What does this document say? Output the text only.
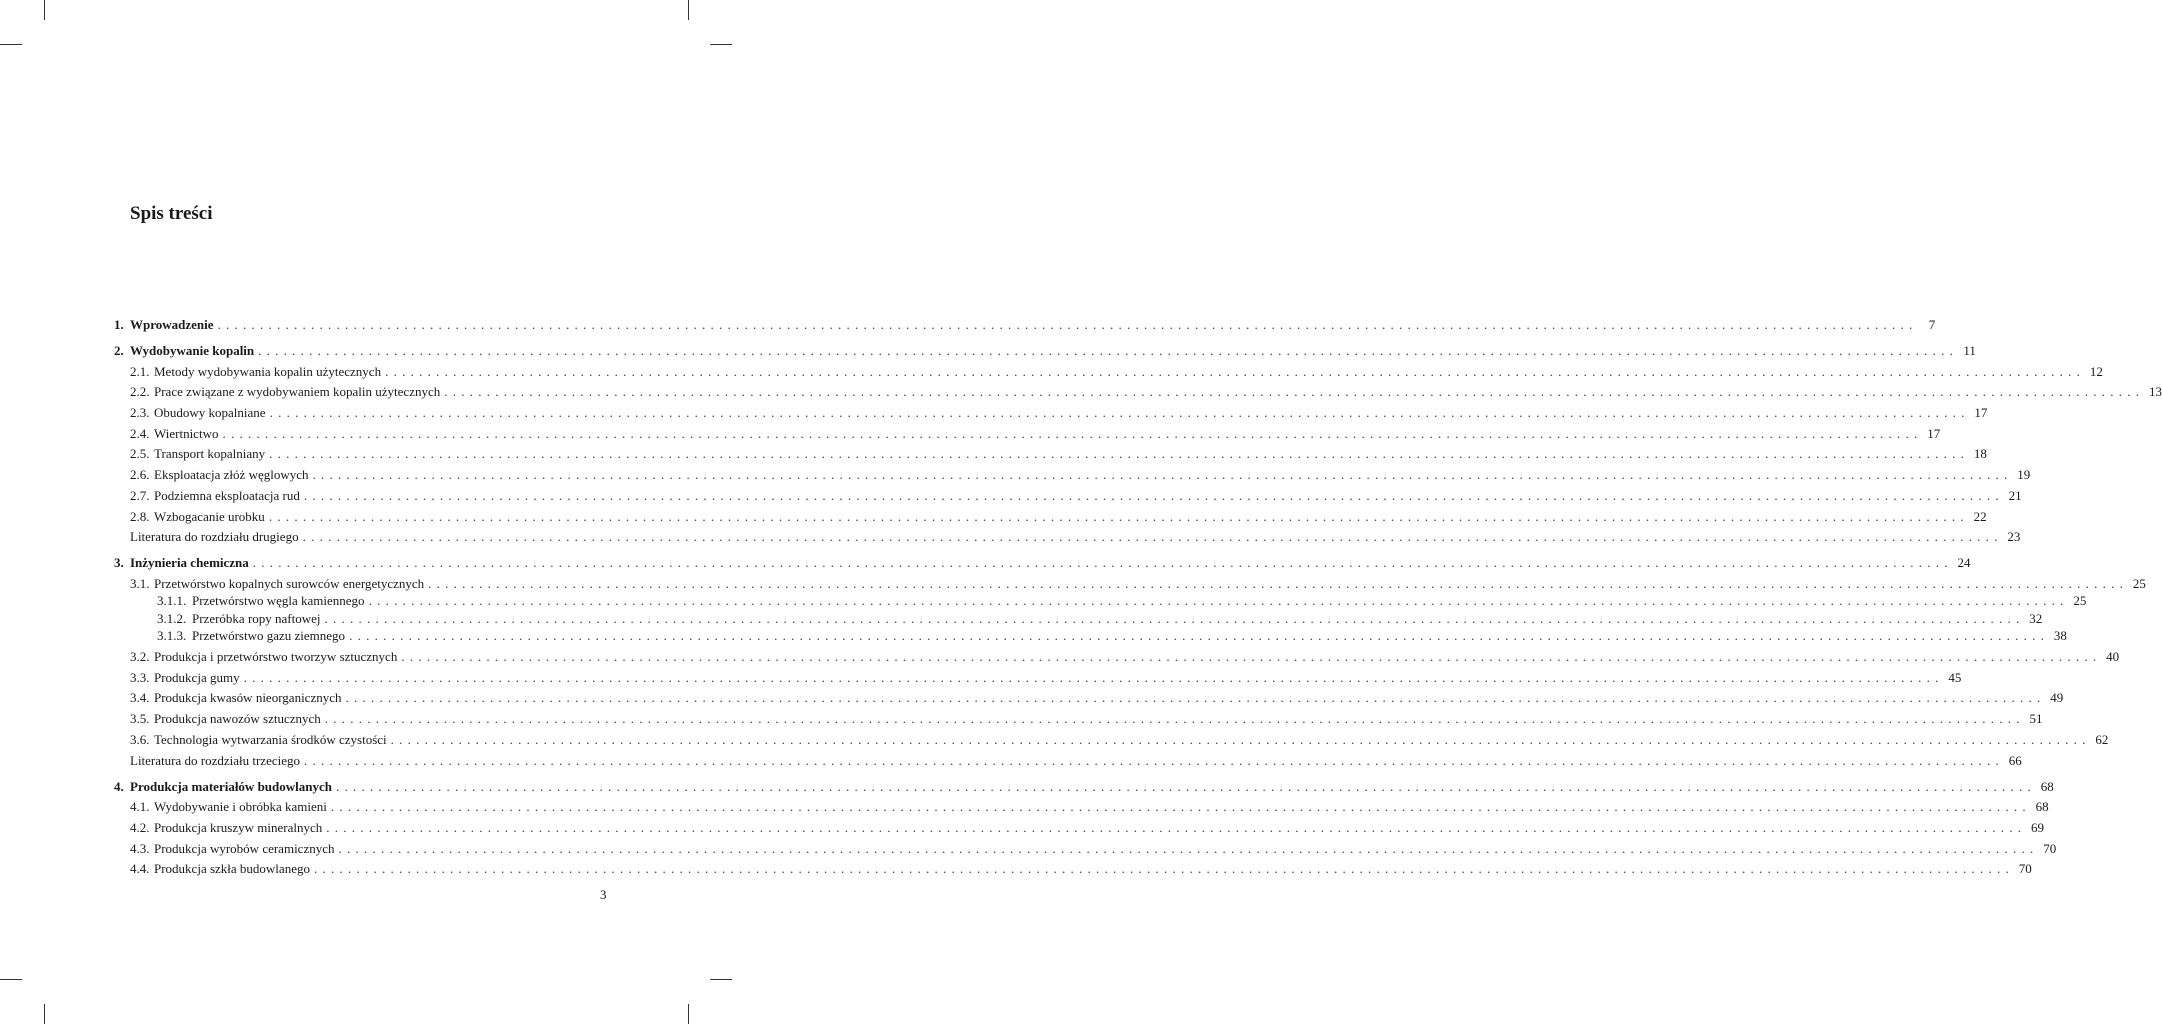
Spis treści
1. Wprowadzenie . . . . . . . . . . . . . . . . . . . . . . . . . . . . . . . . . . . . . . . . . . . . . . . . . . . . . . . . . . . . . . . . . . . . . . . . . . . . . . . . . . . . . . . . . . . . . . . . . . . . . . . . . . . . . . . . . . . . . . . . . . . . . . . . . . . . . . . . . . . . . . . . . . . . . . . . . . . . . . . . . . . . . . . . . . . . . . . . . . . . . . . . . . . . . . . . . . . . . . . .	7
2. Wydobywanie kopalin . . . . . . . . . . . . . . . . . . . . . . . . . . . . . . . . . . . . . . . . . . . . . . . . . . . . . . . . . . . . . . . . . . . . . . . . . . . . . . . . . . . . . . . . . . . . . . . . . . . . . . . . . . . . . . . . . . . . . . . . . . . . . . . . . . . . . . . . . . . . . . . . . . . . . . . . . . . . . . . . . . . . . . . . . . . . . . . . . . . . . . . . . . . . . . . . . . . . . . . . 11
2.1. Metody wydobywania kopalin użytecznych . . . . . . . . . . . . . . . . . . . . . . . . . . . . . . . . . . . . . . . . . . . . . . . . . . . . . . . . . . . . . . . . . . . . . . . . . . . . . . . . . . . . . . . . . . . . . . . . . . . . . . . . . . . . . . . . . . . . . . . . . . . . . . . . . . . . . . . . . . . . . . . . . . . . . . . . . . . . . . . . . . . . . . . . . . . . . . . . . . . . . . . . . . . . . . . . . . . . . . . . 12
2.2. Prace związane z wydobywaniem kopalin użytecznych . . . . . . . . . . . . . . . . . . . . . . . . . . . . . . . . . . . . . . . . . . . . . . . . . . . . . . . . . . . . . . . . . . . . . . . . . . . . . . . . . . . . . . . . . . . . . . . . . . . . . . . . . . . . . . . . . . . . . . . . . . . . . . . . . . . . . . . . . . . . . . . . . . . . . . . . . . . . . . . . . . . . . . . . . . . . . . . . . . . . . . . . . . . . . . . . . . . . . . . . 13
2.3. Obudowy kopalniane . . . . . . . . . . . . . . . . . . . . . . . . . . . . . . . . . . . . . . . . . . . . . . . . . . . . . . . . . . . . . . . . . . . . . . . . . . . . . . . . . . . . . . . . . . . . . . . . . . . . . . . . . . . . . . . . . . . . . . . . . . . . . . . . . . . . . . . . . . . . . . . . . . . . . . . . . . . . . . . . . . . . . . . . . . . . . . . . . . . . . . . . . . . . . . . . . . . . . . . . 17
2.4. Wiertnictwo . . . . . . . . . . . . . . . . . . . . . . . . . . . . . . . . . . . . . . . . . . . . . . . . . . . . . . . . . . . . . . . . . . . . . . . . . . . . . . . . . . . . . . . . . . . . . . . . . . . . . . . . . . . . . . . . . . . . . . . . . . . . . . . . . . . . . . . . . . . . . . . . . . . . . . . . . . . . . . . . . . . . . . . . . . . . . . . . . . . . . . . . . . . . . . . . . . . . . . . . 17
2.5. Transport kopalniany . . . . . . . . . . . . . . . . . . . . . . . . . . . . . . . . . . . . . . . . . . . . . . . . . . . . . . . . . . . . . . . . . . . . . . . . . . . . . . . . . . . . . . . . . . . . . . . . . . . . . . . . . . . . . . . . . . . . . . . . . . . . . . . . . . . . . . . . . . . . . . . . . . . . . . . . . . . . . . . . . . . . . . . . . . . . . . . . . . . . . . . . . . . . . . . . . . . . . . . . 18
2.6. Eksploatacja złóż węglowych . . . . . . . . . . . . . . . . . . . . . . . . . . . . . . . . . . . . . . . . . . . . . . . . . . . . . . . . . . . . . . . . . . . . . . . . . . . . . . . . . . . . . . . . . . . . . . . . . . . . . . . . . . . . . . . . . . . . . . . . . . . . . . . . . . . . . . . . . . . . . . . . . . . . . . . . . . . . . . . . . . . . . . . . . . . . . . . . . . . . . . . . . . . . . . . . . . . . . . . . 19
2.7. Podziemna eksploatacja rud . . . . . . . . . . . . . . . . . . . . . . . . . . . . . . . . . . . . . . . . . . . . . . . . . . . . . . . . . . . . . . . . . . . . . . . . . . . . . . . . . . . . . . . . . . . . . . . . . . . . . . . . . . . . . . . . . . . . . . . . . . . . . . . . . . . . . . . . . . . . . . . . . . . . . . . . . . . . . . . . . . . . . . . . . . . . . . . . . . . . . . . . . . . . . . . . . . . . . . . . 21
2.8. Wzbogacanie urobku . . . . . . . . . . . . . . . . . . . . . . . . . . . . . . . . . . . . . . . . . . . . . . . . . . . . . . . . . . . . . . . . . . . . . . . . . . . . . . . . . . . . . . . . . . . . . . . . . . . . . . . . . . . . . . . . . . . . . . . . . . . . . . . . . . . . . . . . . . . . . . . . . . . . . . . . . . . . . . . . . . . . . . . . . . . . . . . . . . . . . . . . . . . . . . . . . . . . . . . . 22
Literatura do rozdziału drugiego . . . . . . . . . . . . . . . . . . . . . . . . . . . . . . . . . . . . . . . . . . . . . . . . . . . . . . . . . . . . . . . . . . . . . . . . . . . . . . . . . . . . . . . . . . . . . . . . . . . . . . . . . . . . . . . . . . . . . . . . . . . . . . . . . . . . . . . . . . . . . . . . . . . . . . . . . . . . . . . . . . . . . . . . . . . . . . . . . . . . . . . . . . . . . . . . . . . . . . . . 23
3. Inżynieria chemiczna . . . . . . . . . . . . . . . . . . . . . . . . . . . . . . . . . . . . . . . . . . . . . . . . . . . . . . . . . . . . . . . . . . . . . . . . . . . . . . . . . . . . . . . . . . . . . . . . . . . . . . . . . . . . . . . . . . . . . . . . . . . . . . . . . . . . . . . . . . . . . . . . . . . . . . . . . . . . . . . . . . . . . . . . . . . . . . . . . . . . . . . . . . . . . . . . . . . . . . . . 24
3.1. Przetwórstwo kopalnych surowców energetycznych . . . . . . . . . . . . . . . . . . . . . . . . . . . . . . . . . . . . . . . . . . . . . . . . . . . . . . . . . . . . . . . . . . . . . . . . . . . . . . . . . . . . . . . . . . . . . . . . . . . . . . . . . . . . . . . . . . . . . . . . . . . . . . . . . . . . . . . . . . . . . . . . . . . . . . . . . . . . . . . . . . . . . . . . . . . . . . . . . . . . . . . . . . . . . . . . . . . . . . . . 25
3.1.1. Przetwórstwo węgla kamiennego . . . . . . . . . . . . . . . . . . . . . . . . . . . . . . . . . . . . . . . . . . . . . . . . . . . . . . . . . . . . . . . . . . . . . . . . . . . . . . . . . . . . . . . . . . . . . . . . . . . . . . . . . . . . . . . . . . . . . . . . . . . . . . . . . . . . . . . . . . . . . . . . . . . . . . . . . . . . . . . . . . . . . . . . . . . . . . . . . . . . . . . . . . . . . . . . . . . . . . . . 25
3.1.2. Przeróbka ropy naftowej . . . . . . . . . . . . . . . . . . . . . . . . . . . . . . . . . . . . . . . . . . . . . . . . . . . . . . . . . . . . . . . . . . . . . . . . . . . . . . . . . . . . . . . . . . . . . . . . . . . . . . . . . . . . . . . . . . . . . . . . . . . . . . . . . . . . . . . . . . . . . . . . . . . . . . . . . . . . . . . . . . . . . . . . . . . . . . . . . . . . . . . . . . . . . . . . . . . . . . . . 32
3.1.3. Przetwórstwo gazu ziemnego . . . . . . . . . . . . . . . . . . . . . . . . . . . . . . . . . . . . . . . . . . . . . . . . . . . . . . . . . . . . . . . . . . . . . . . . . . . . . . . . . . . . . . . . . . . . . . . . . . . . . . . . . . . . . . . . . . . . . . . . . . . . . . . . . . . . . . . . . . . . . . . . . . . . . . . . . . . . . . . . . . . . . . . . . . . . . . . . . . . . . . . . . . . . . . . . . . . . . . . . 38
3.2. Produkcja i przetwórstwo tworzyw sztucznych . . . . . . . . . . . . . . . . . . . . . . . . . . . . . . . . . . . . . . . . . . . . . . . . . . . . . . . . . . . . . . . . . . . . . . . . . . . . . . . . . . . . . . . . . . . . . . . . . . . . . . . . . . . . . . . . . . . . . . . . . . . . . . . . . . . . . . . . . . . . . . . . . . . . . . . . . . . . . . . . . . . . . . . . . . . . . . . . . . . . . . . . . . . . . . . . . . . . . . . . 40
3.3. Produkcja gumy . . . . . . . . . . . . . . . . . . . . . . . . . . . . . . . . . . . . . . . . . . . . . . . . . . . . . . . . . . . . . . . . . . . . . . . . . . . . . . . . . . . . . . . . . . . . . . . . . . . . . . . . . . . . . . . . . . . . . . . . . . . . . . . . . . . . . . . . . . . . . . . . . . . . . . . . . . . . . . . . . . . . . . . . . . . . . . . . . . . . . . . . . . . . . . . . . . . . . . . . 45
3.4. Produkcja kwasów nieorganicznych . . . . . . . . . . . . . . . . . . . . . . . . . . . . . . . . . . . . . . . . . . . . . . . . . . . . . . . . . . . . . . . . . . . . . . . . . . . . . . . . . . . . . . . . . . . . . . . . . . . . . . . . . . . . . . . . . . . . . . . . . . . . . . . . . . . . . . . . . . . . . . . . . . . . . . . . . . . . . . . . . . . . . . . . . . . . . . . . . . . . . . . . . . . . . . . . . . . . . . . . 49
3.5. Produkcja nawozów sztucznych . . . . . . . . . . . . . . . . . . . . . . . . . . . . . . . . . . . . . . . . . . . . . . . . . . . . . . . . . . . . . . . . . . . . . . . . . . . . . . . . . . . . . . . . . . . . . . . . . . . . . . . . . . . . . . . . . . . . . . . . . . . . . . . . . . . . . . . . . . . . . . . . . . . . . . . . . . . . . . . . . . . . . . . . . . . . . . . . . . . . . . . . . . . . . . . . . . . . . . . . 51
3.6. Technologia wytwarzania środków czystości . . . . . . . . . . . . . . . . . . . . . . . . . . . . . . . . . . . . . . . . . . . . . . . . . . . . . . . . . . . . . . . . . . . . . . . . . . . . . . . . . . . . . . . . . . . . . . . . . . . . . . . . . . . . . . . . . . . . . . . . . . . . . . . . . . . . . . . . . . . . . . . . . . . . . . . . . . . . . . . . . . . . . . . . . . . . . . . . . . . . . . . . . . . . . . . . . . . . . . . . 62
Literatura do rozdziału trzeciego . . . . . . . . . . . . . . . . . . . . . . . . . . . . . . . . . . . . . . . . . . . . . . . . . . . . . . . . . . . . . . . . . . . . . . . . . . . . . . . . . . . . . . . . . . . . . . . . . . . . . . . . . . . . . . . . . . . . . . . . . . . . . . . . . . . . . . . . . . . . . . . . . . . . . . . . . . . . . . . . . . . . . . . . . . . . . . . . . . . . . . . . . . . . . . . . . . . . . . . . 66
4. Produkcja materiałów budowlanych . . . . . . . . . . . . . . . . . . . . . . . . . . . . . . . . . . . . . . . . . . . . . . . . . . . . . . . . . . . . . . . . . . . . . . . . . . . . . . . . . . . . . . . . . . . . . . . . . . . . . . . . . . . . . . . . . . . . . . . . . . . . . . . . . . . . . . . . . . . . . . . . . . . . . . . . . . . . . . . . . . . . . . . . . . . . . . . . . . . . . . . . . . . . . . . . . . . . . . . . 68
4.1. Wydobywanie i obróbka kamieni . . . . . . . . . . . . . . . . . . . . . . . . . . . . . . . . . . . . . . . . . . . . . . . . . . . . . . . . . . . . . . . . . . . . . . . . . . . . . . . . . . . . . . . . . . . . . . . . . . . . . . . . . . . . . . . . . . . . . . . . . . . . . . . . . . . . . . . . . . . . . . . . . . . . . . . . . . . . . . . . . . . . . . . . . . . . . . . . . . . . . . . . . . . . . . . . . . . . . . . . 68
4.2. Produkcja kruszyw mineralnych . . . . . . . . . . . . . . . . . . . . . . . . . . . . . . . . . . . . . . . . . . . . . . . . . . . . . . . . . . . . . . . . . . . . . . . . . . . . . . . . . . . . . . . . . . . . . . . . . . . . . . . . . . . . . . . . . . . . . . . . . . . . . . . . . . . . . . . . . . . . . . . . . . . . . . . . . . . . . . . . . . . . . . . . . . . . . . . . . . . . . . . . . . . . . . . . . . . . . . . . 69
4.3. Produkcja wyrobów ceramicznych . . . . . . . . . . . . . . . . . . . . . . . . . . . . . . . . . . . . . . . . . . . . . . . . . . . . . . . . . . . . . . . . . . . . . . . . . . . . . . . . . . . . . . . . . . . . . . . . . . . . . . . . . . . . . . . . . . . . . . . . . . . . . . . . . . . . . . . . . . . . . . . . . . . . . . . . . . . . . . . . . . . . . . . . . . . . . . . . . . . . . . . . . . . . . . . . . . . . . . . . 70
4.4. Produkcja szkła budowlanego . . . . . . . . . . . . . . . . . . . . . . . . . . . . . . . . . . . . . . . . . . . . . . . . . . . . . . . . . . . . . . . . . . . . . . . . . . . . . . . . . . . . . . . . . . . . . . . . . . . . . . . . . . . . . . . . . . . . . . . . . . . . . . . . . . . . . . . . . . . . . . . . . . . . . . . . . . . . . . . . . . . . . . . . . . . . . . . . . . . . . . . . . . . . . . . . . . . . . . . . 70
3
